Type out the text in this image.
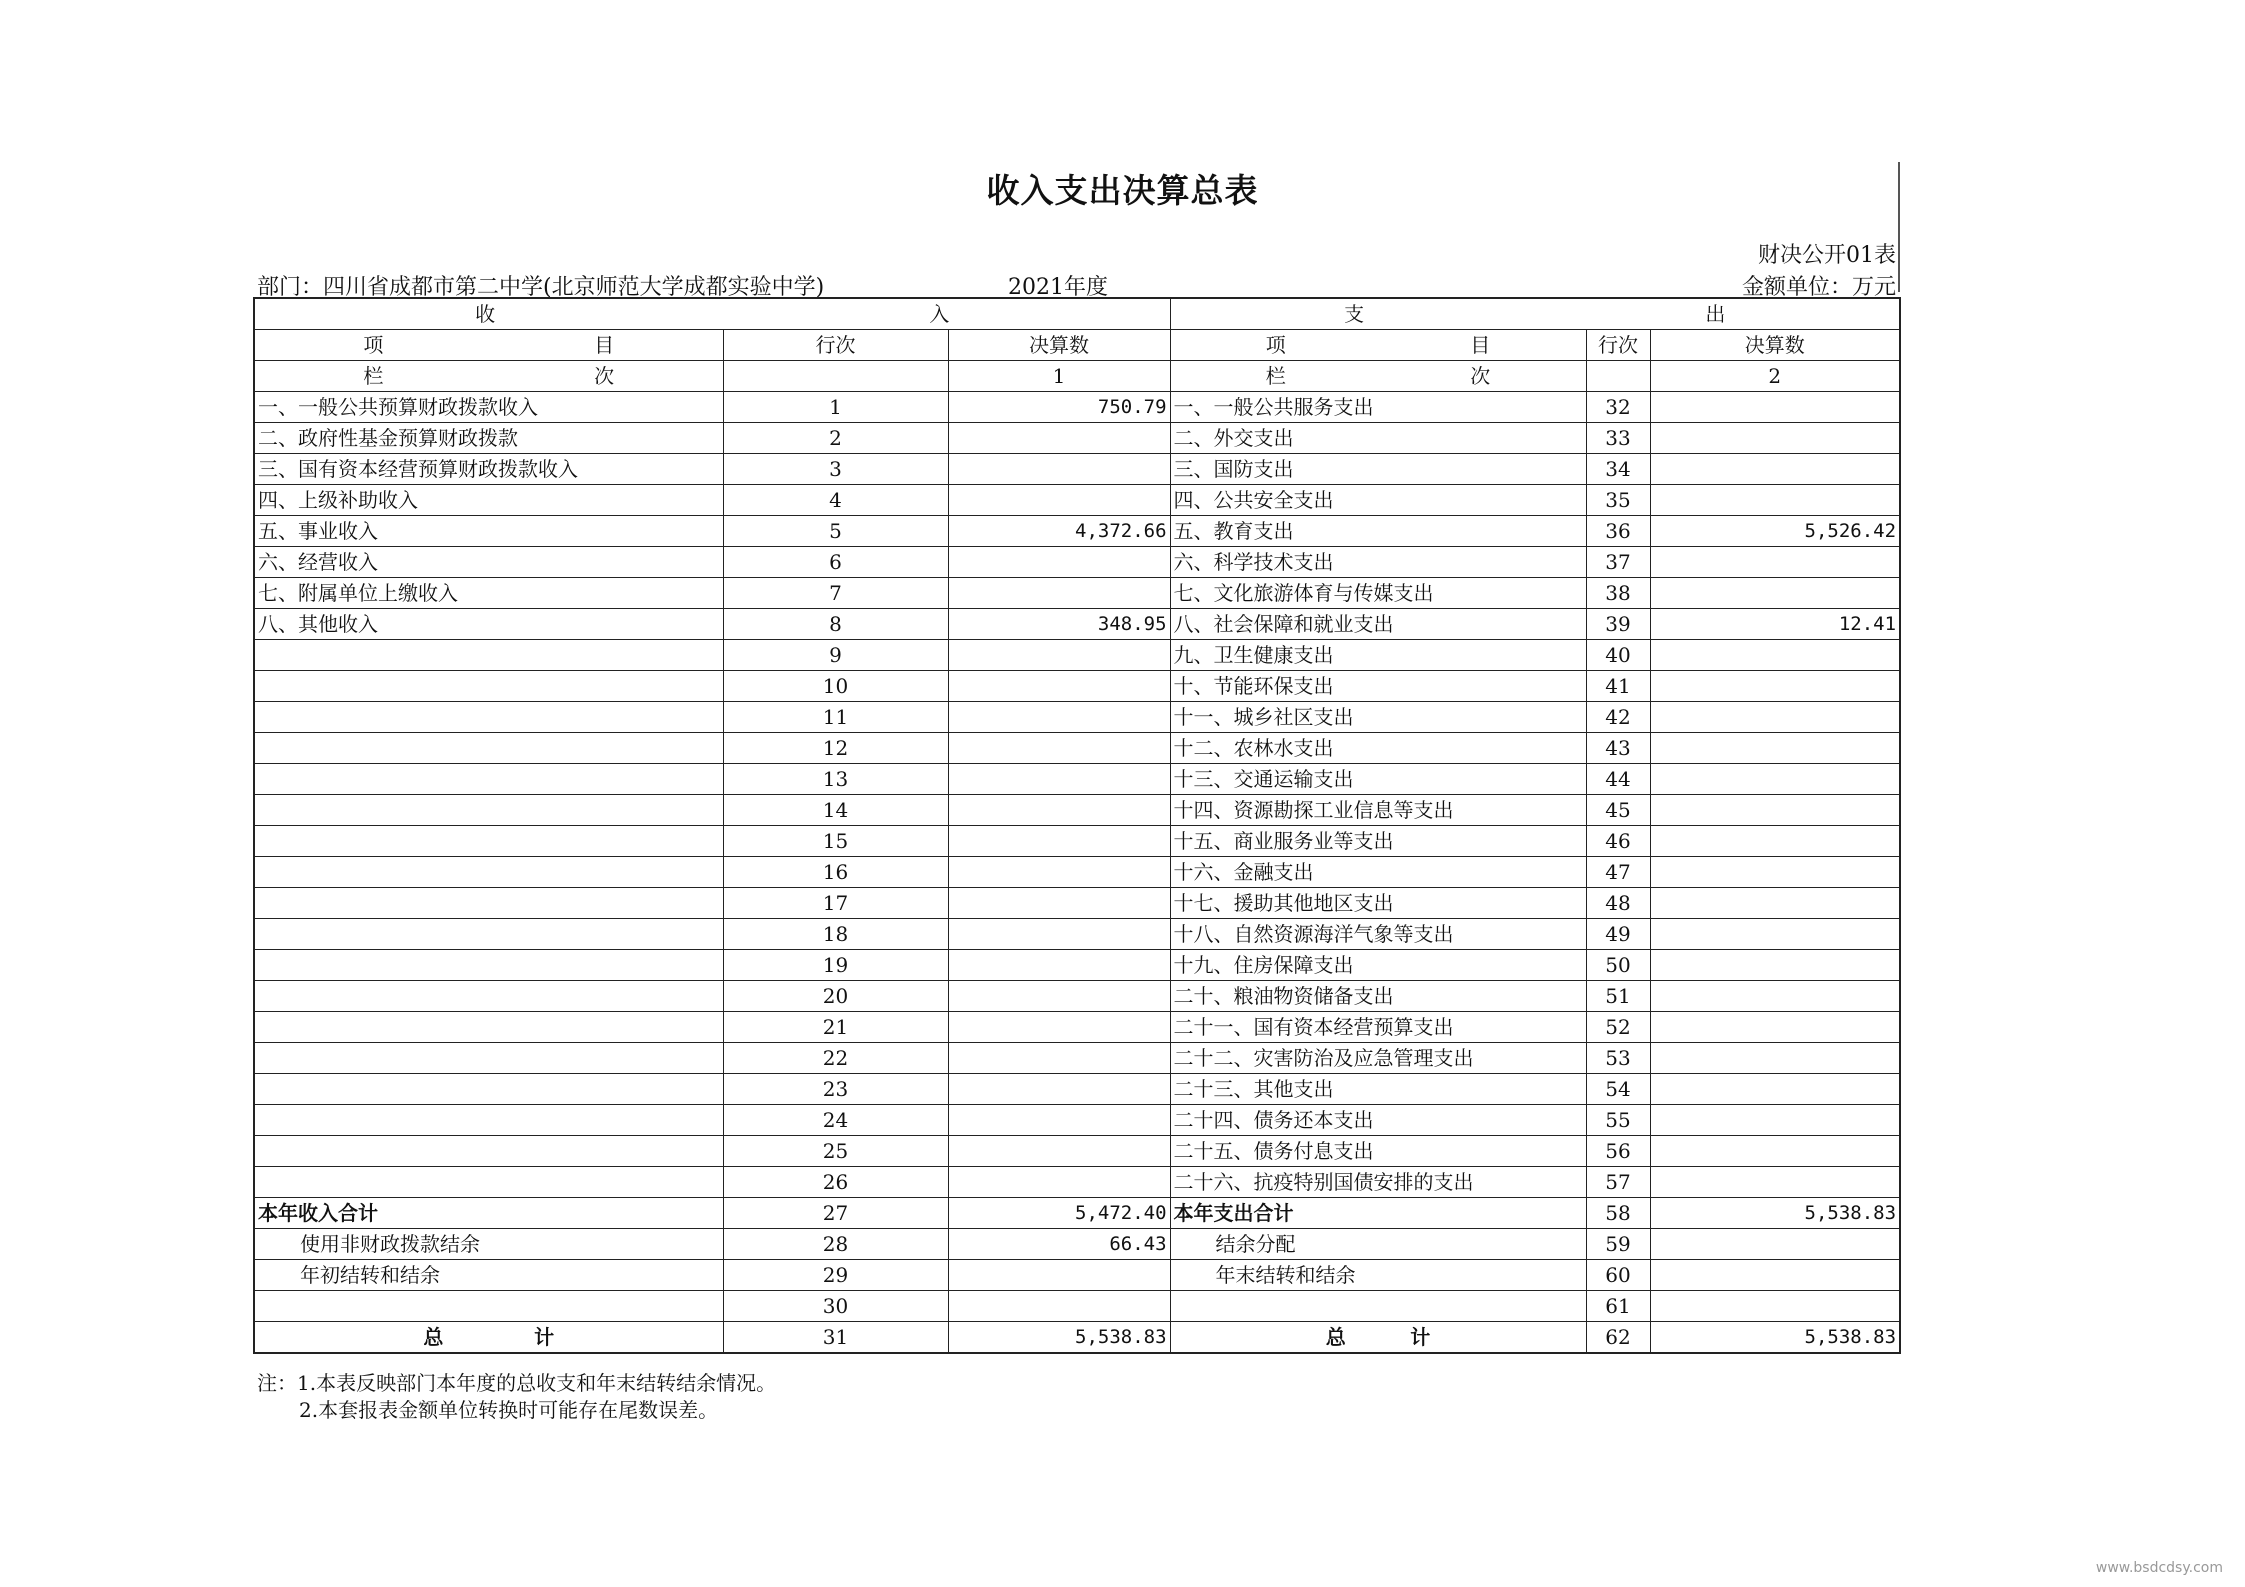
收入支出决算总表
财决公开01表
部门：四川省成都市第二中学(北京师范大学成都实验中学)	2021年度	金额单位：万元
收 入			支 出		

项 目	行次	决算数	项 目	行次	决算数

栏 次		1	栏 次		2
一、一般公共预算财政拨款收入	1	750.79	一、一般公共服务支出	32	
二、政府性基金预算财政拨款	2		二、外交支出	33	
三、国有资本经营预算财政拨款收入	3		三、国防支出	34	
四、上级补助收入	4		四、公共安全支出	35	
五、事业收入	5	4,372.66	五、教育支出	36	5,526.42
六、经营收入	6		六、科学技术支出	37	
七、附属单位上缴收入	7		七、文化旅游体育与传媒支出	38	
八、其他收入	8	348.95	八、社会保障和就业支出	39	12.41
	9		九、卫生健康支出	40	
	10		十、节能环保支出	41	
	11		十一、城乡社区支出	42	
	12		十二、农林水支出	43	
	13		十三、交通运输支出	44	
	14		十四、资源勘探工业信息等支出	45	
	15		十五、商业服务业等支出	46	
	16		十六、金融支出	47	
	17		十七、援助其他地区支出	48	
	18		十八、自然资源海洋气象等支出	49	
	19		十九、住房保障支出	50	
	20		二十、粮油物资储备支出	51	
	21		二十一、国有资本经营预算支出	52	
	22		二十二、灾害防治及应急管理支出	53	
	23		二十三、其他支出	54	
	24		二十四、债务还本支出	55	
	25		二十五、债务付息支出	56	
	26		二十六、抗疫特别国债安排的支出	57	
本年收入合计	27	5,472.40	本年支出合计	58	5,538.83
使用非财政拨款结余	28	66.43	结余分配	59	
年初结转和结余	29		年末结转和结余	60	
	30			61	

总 计	31	5,538.83	总 计	62	5,538.83
注：1.本表反映部门本年度的总收支和年末结转结余情况。
2.本套报表金额单位转换时可能存在尾数误差。
www.bsdcdsy.com
